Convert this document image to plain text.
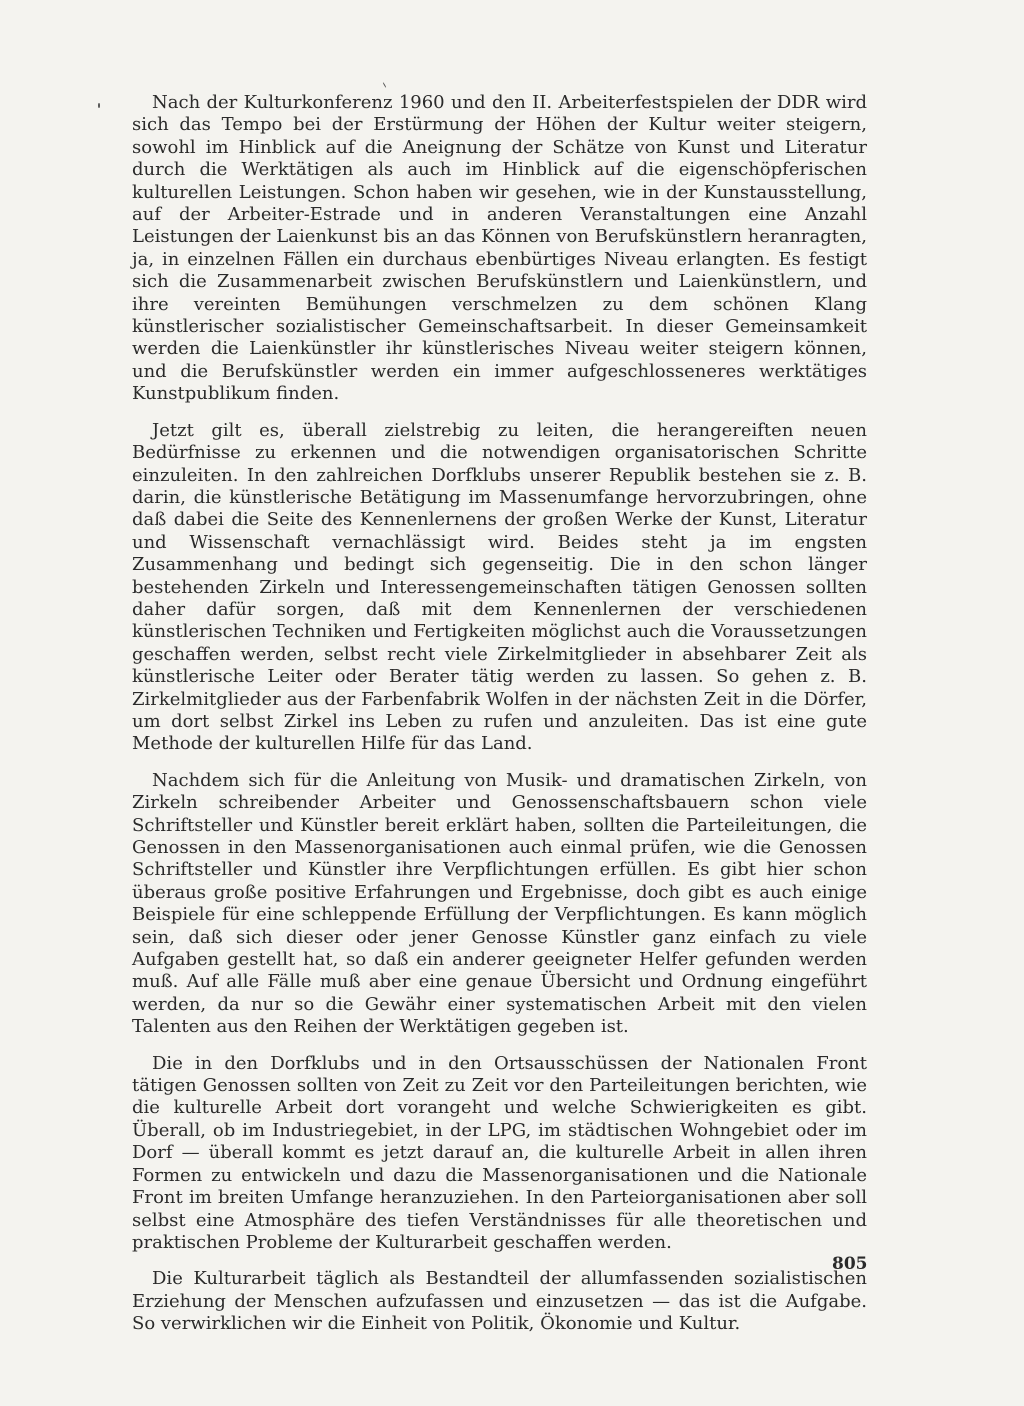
Nach der Kulturkonferenz 1960 und den II. Arbeiterfestspielen der DDR wird sich das Tempo bei der Erstürmung der Höhen der Kultur weiter steigern, sowohl im Hinblick auf die Aneignung der Schätze von Kunst und Literatur durch die Werktätigen als auch im Hinblick auf die eigenschöpferischen kulturellen Leistungen. Schon haben wir gesehen, wie in der Kunstausstellung, auf der Arbeiter-Estrade und in anderen Veranstaltungen eine Anzahl Leistungen der Laienkunst bis an das Können von Berufskünstlern heranragten, ja, in einzelnen Fällen ein durchaus ebenbürtiges Niveau erlangten. Es festigt sich die Zusammenarbeit zwischen Berufskünstlern und Laienkünstlern, und ihre vereinten Bemühungen verschmelzen zu dem schönen Klang künstlerischer sozialistischer Gemeinschaftsarbeit. In dieser Gemeinsamkeit werden die Laienkünstler ihr künstlerisches Niveau weiter steigern können, und die Berufskünstler werden ein immer aufgeschlosseneres werktätiges Kunstpublikum finden.

Jetzt gilt es, überall zielstrebig zu leiten, die herangereiften neuen Bedürfnisse zu erkennen und die notwendigen organisatorischen Schritte einzuleiten. In den zahlreichen Dorfklubs unserer Republik bestehen sie z. B. darin, die künstlerische Betätigung im Massenumfange hervorzubringen, ohne daß dabei die Seite des Kennenlernens der großen Werke der Kunst, Literatur und Wissenschaft vernachlässigt wird. Beides steht ja im engsten Zusammenhang und bedingt sich gegenseitig. Die in den schon länger bestehenden Zirkeln und Interessengemeinschaften tätigen Genossen sollten daher dafür sorgen, daß mit dem Kennenlernen der verschiedenen künstlerischen Techniken und Fertigkeiten möglichst auch die Voraussetzungen geschaffen werden, selbst recht viele Zirkelmitglieder in absehbarer Zeit als künstlerische Leiter oder Berater tätig werden zu lassen. So gehen z. B. Zirkelmitglieder aus der Farbenfabrik Wolfen in der nächsten Zeit in die Dörfer, um dort selbst Zirkel ins Leben zu rufen und anzuleiten. Das ist eine gute Methode der kulturellen Hilfe für das Land.

Nachdem sich für die Anleitung von Musik- und dramatischen Zirkeln, von Zirkeln schreibender Arbeiter und Genossenschaftsbauern schon viele Schriftsteller und Künstler bereit erklärt haben, sollten die Parteileitungen, die Genossen in den Massenorganisationen auch einmal prüfen, wie die Genossen Schriftsteller und Künstler ihre Verpflichtungen erfüllen. Es gibt hier schon überaus große positive Erfahrungen und Ergebnisse, doch gibt es auch einige Beispiele für eine schleppende Erfüllung der Verpflichtungen. Es kann möglich sein, daß sich dieser oder jener Genosse Künstler ganz einfach zu viele Aufgaben gestellt hat, so daß ein anderer geeigneter Helfer gefunden werden muß. Auf alle Fälle muß aber eine genaue Übersicht und Ordnung eingeführt werden, da nur so die Gewähr einer systematischen Arbeit mit den vielen Talenten aus den Reihen der Werktätigen gegeben ist.

Die in den Dorfklubs und in den Ortsausschüssen der Nationalen Front tätigen Genossen sollten von Zeit zu Zeit vor den Parteileitungen berichten, wie die kulturelle Arbeit dort vorangeht und welche Schwierigkeiten es gibt. Überall, ob im Industriegebiet, in der LPG, im städtischen Wohngebiet oder im Dorf — überall kommt es jetzt darauf an, die kulturelle Arbeit in allen ihren Formen zu entwickeln und dazu die Massenorganisationen und die Nationale Front im breiten Umfange heranzuziehen. In den Parteiorganisationen aber soll selbst eine Atmosphäre des tiefen Verständnisses für alle theoretischen und praktischen Probleme der Kulturarbeit geschaffen werden.

Die Kulturarbeit täglich als Bestandteil der allumfassenden sozialistischen Erziehung der Menschen aufzufassen und einzusetzen — das ist die Aufgabe. So verwirklichen wir die Einheit von Politik, Ökonomie und Kultur.

805
